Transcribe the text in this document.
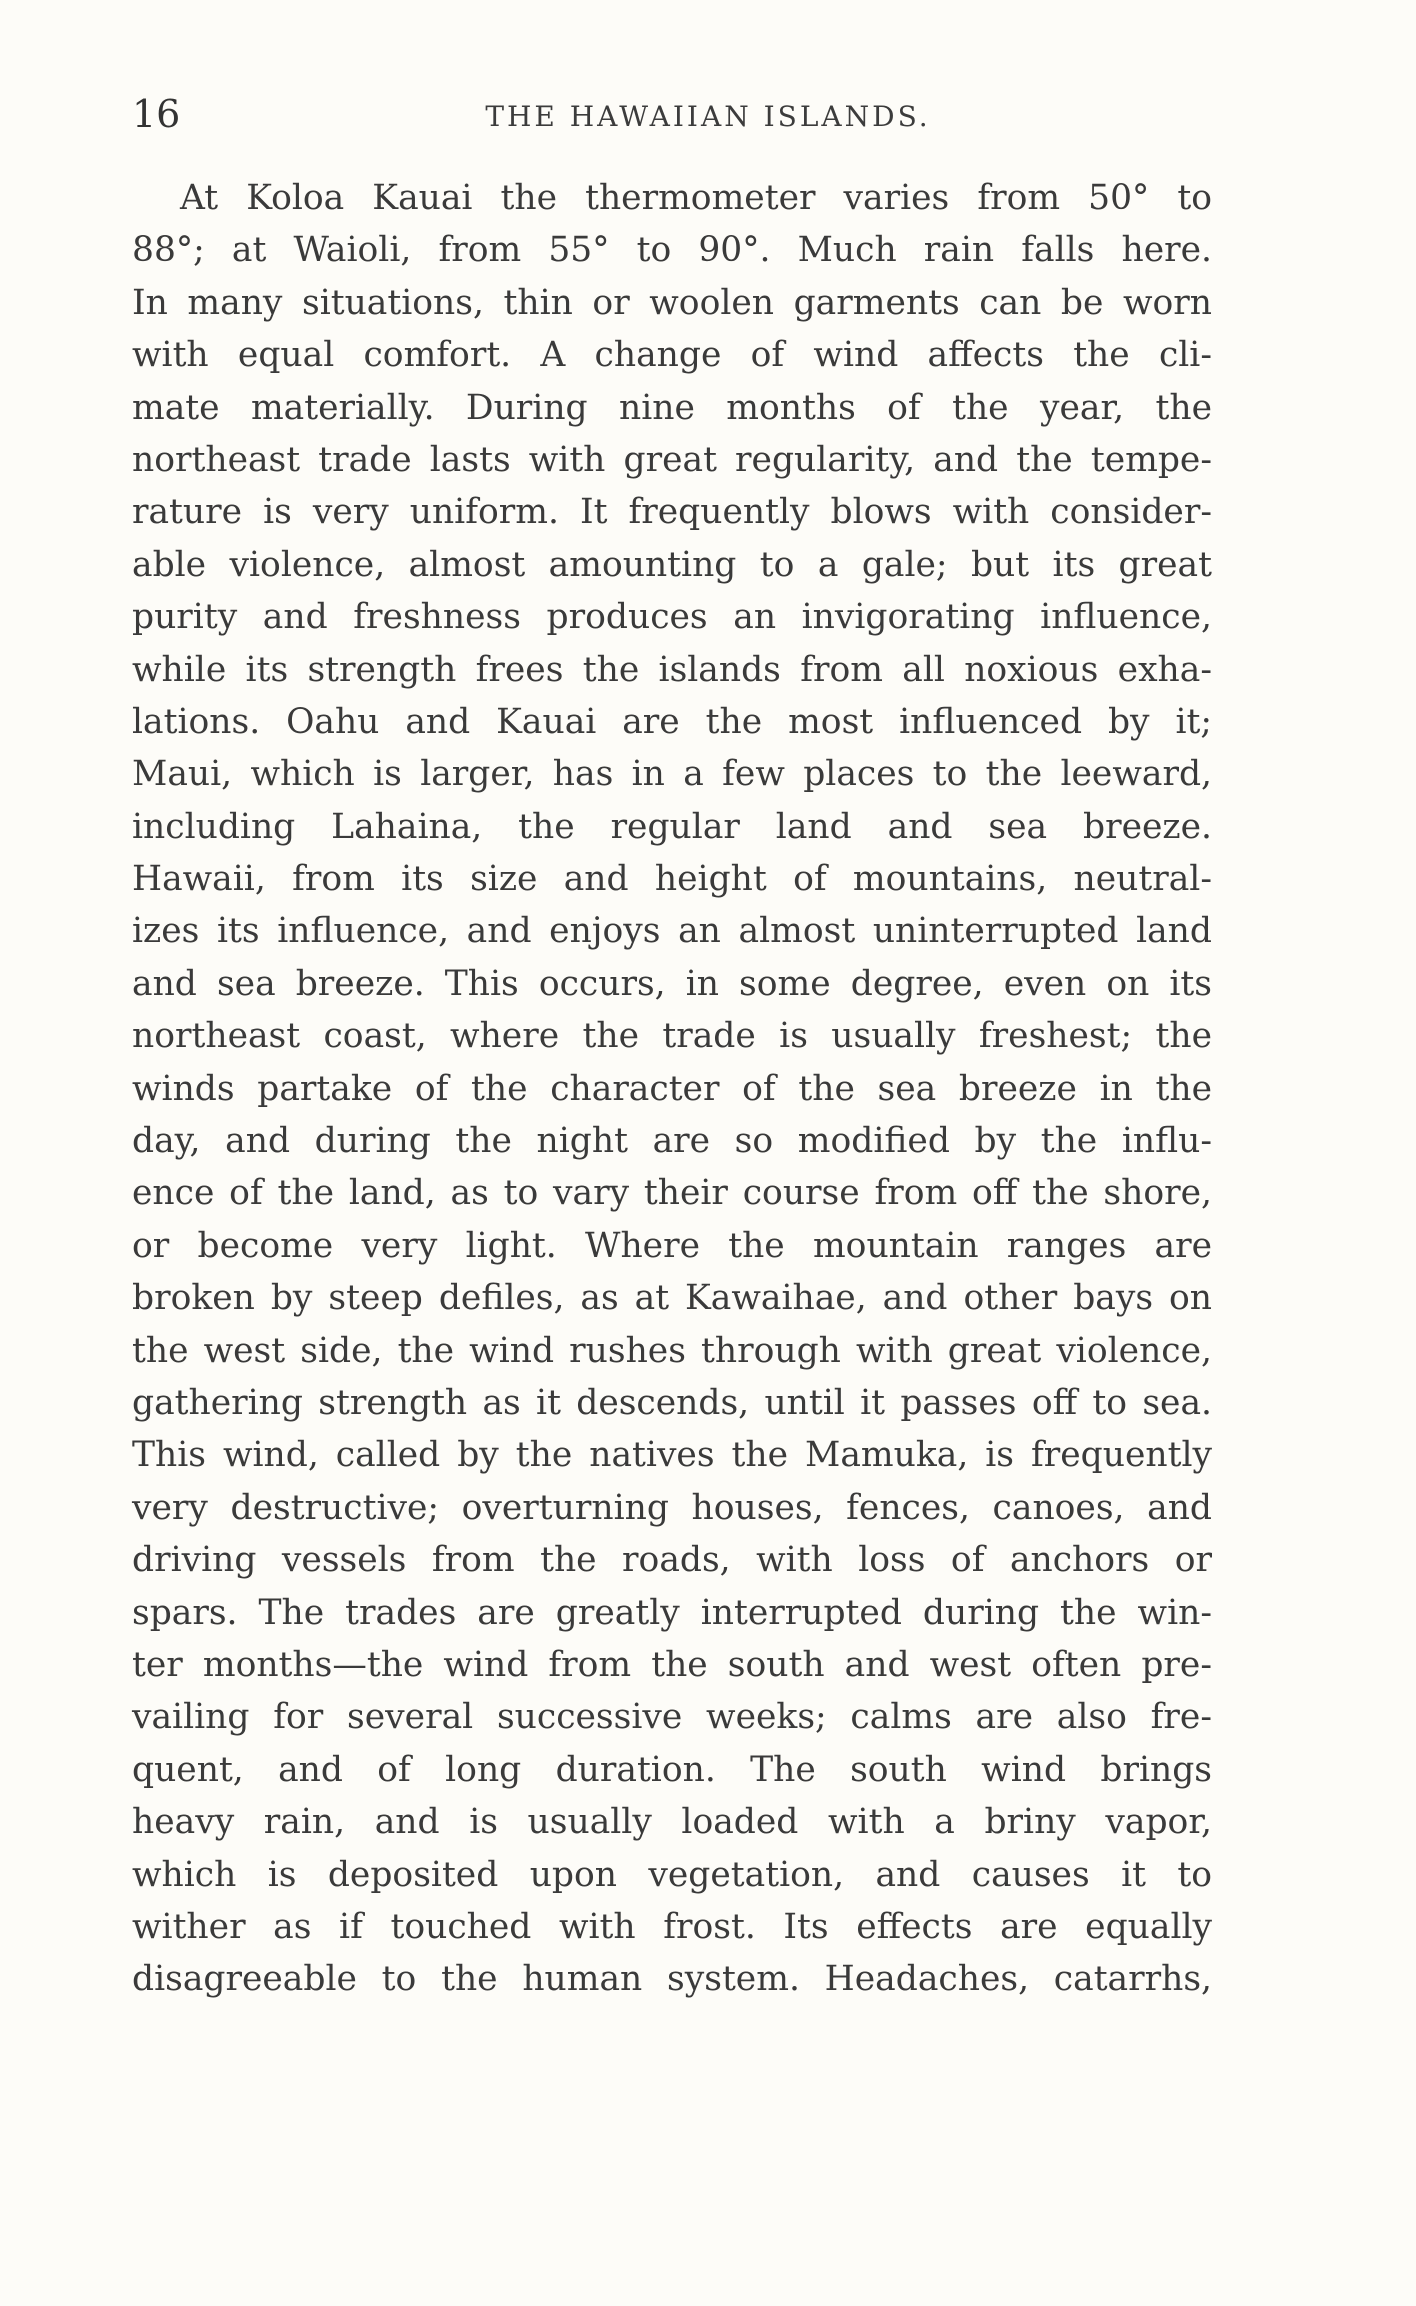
16	THE HAWAIIAN ISLANDS.
At Koloa Kauai the thermometer varies from 50° to
88°; at Waioli, from 55° to 90°. Much rain falls here.
In many situations, thin or woolen garments can be worn
with equal comfort. A change of wind affects the cli-
mate materially. During nine months of the year, the
northeast trade lasts with great regularity, and the tempe-
rature is very uniform. It frequently blows with consider-
able violence, almost amounting to a gale; but its great
purity and freshness produces an invigorating influence,
while its strength frees the islands from all noxious exha-
lations. Oahu and Kauai are the most influenced by it;
Maui, which is larger, has in a few places to the leeward,
including Lahaina, the regular land and sea breeze.
Hawaii, from its size and height of mountains, neutral-
izes its influence, and enjoys an almost uninterrupted land
and sea breeze. This occurs, in some degree, even on its
northeast coast, where the trade is usually freshest; the
winds partake of the character of the sea breeze in the
day, and during the night are so modified by the influ-
ence of the land, as to vary their course from off the shore,
or become very light. Where the mountain ranges are
broken by steep defiles, as at Kawaihae, and other bays on
the west side, the wind rushes through with great violence,
gathering strength as it descends, until it passes off to sea.
This wind, called by the natives the Mamuka, is frequently
very destructive; overturning houses, fences, canoes, and
driving vessels from the roads, with loss of anchors or
spars. The trades are greatly interrupted during the win-
ter months—the wind from the south and west often pre-
vailing for several successive weeks; calms are also fre-
quent, and of long duration. The south wind brings
heavy rain, and is usually loaded with a briny vapor,
which is deposited upon vegetation, and causes it to
wither as if touched with frost. Its effects are equally
disagreeable to the human system. Headaches, catarrhs,
